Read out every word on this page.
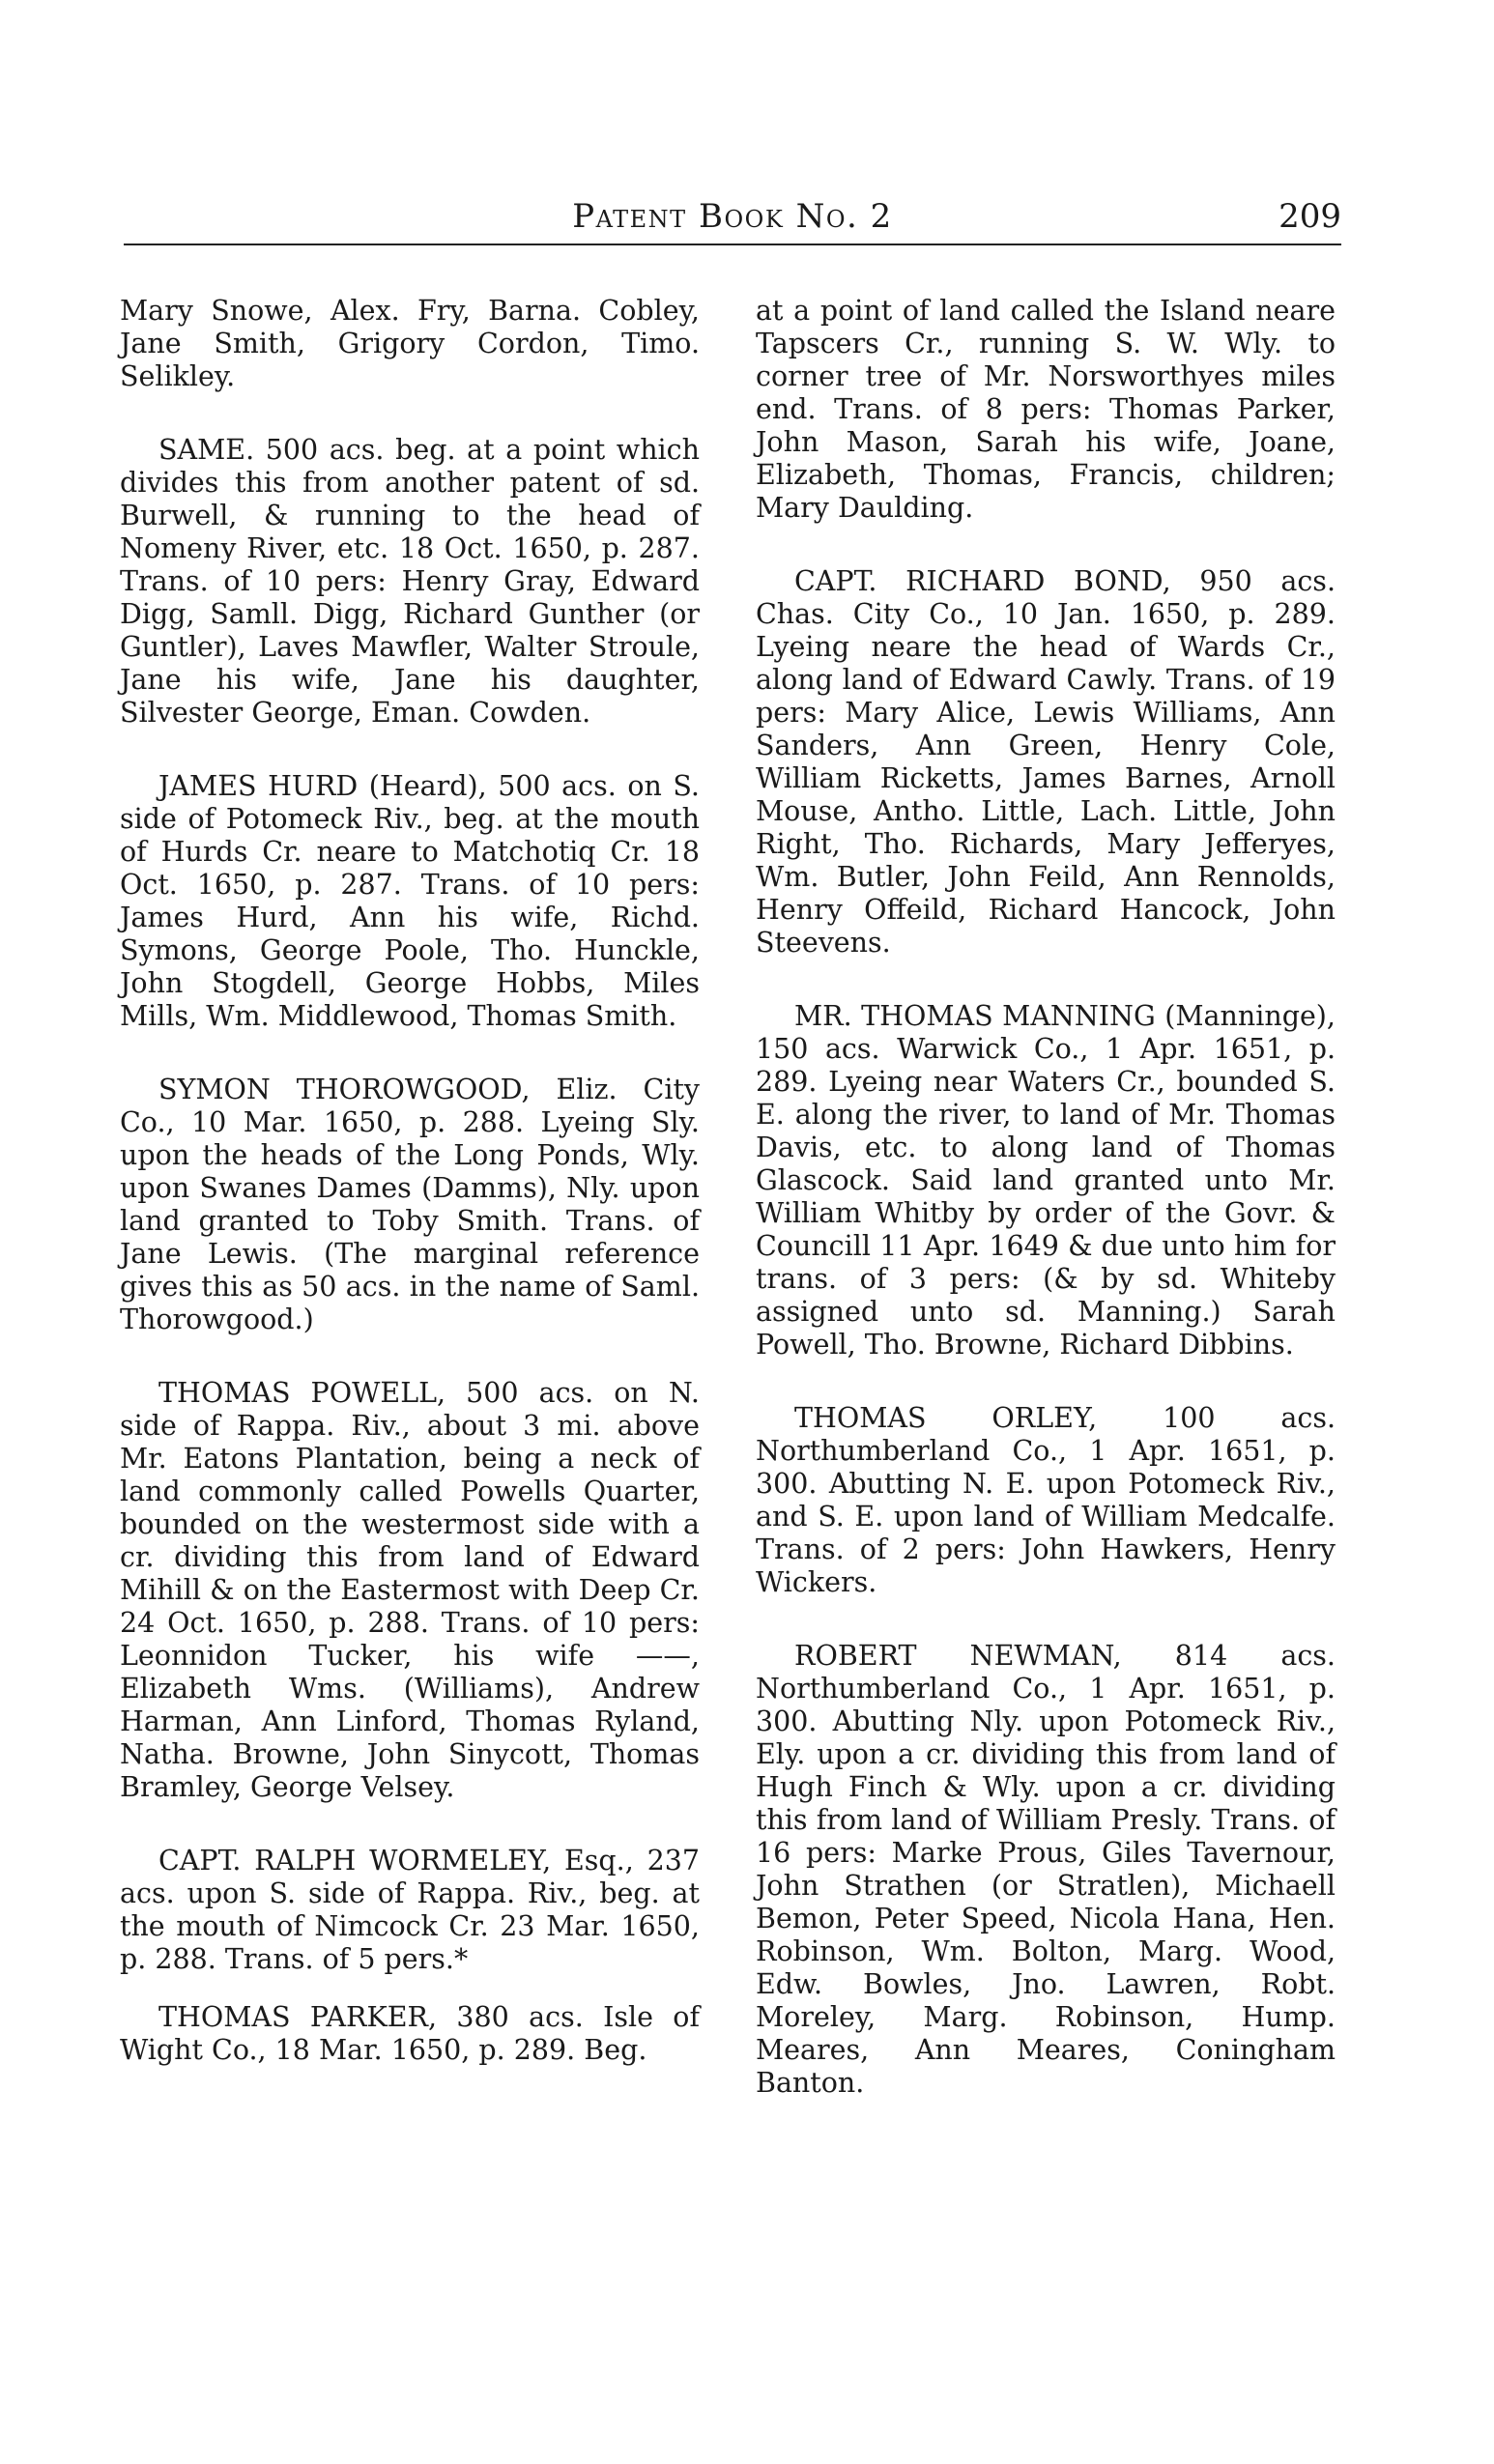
Patent Book No. 2	209

Mary Snowe, Alex. Fry, Barna. Cobley, Jane Smith, Grigory Cordon, Timo. Selikley.

SAME. 500 acs. beg. at a point which divides this from another patent of sd. Burwell, & running to the head of Nomeny River, etc. 18 Oct. 1650, p. 287. Trans. of 10 pers: Henry Gray, Edward Digg, Samll. Digg, Richard Gunther (or Guntler), Laves Mawfler, Walter Stroule, Jane his wife, Jane his daughter, Silvester George, Eman. Cowden.

JAMES HURD (Heard), 500 acs. on S. side of Potomeck Riv., beg. at the mouth of Hurds Cr. neare to Matchotiq Cr. 18 Oct. 1650, p. 287. Trans. of 10 pers: James Hurd, Ann his wife, Richd. Symons, George Poole, Tho. Hunckle, John Stogdell, George Hobbs, Miles Mills, Wm. Middlewood, Thomas Smith.

SYMON THOROWGOOD, Eliz. City Co., 10 Mar. 1650, p. 288. Lyeing Sly. upon the heads of the Long Ponds, Wly. upon Swanes Dames (Damms), Nly. upon land granted to Toby Smith. Trans. of Jane Lewis. (The marginal reference gives this as 50 acs. in the name of Saml. Thorowgood.)

THOMAS POWELL, 500 acs. on N. side of Rappa. Riv., about 3 mi. above Mr. Eatons Plantation, being a neck of land commonly called Powells Quarter, bounded on the westermost side with a cr. dividing this from land of Edward Mihill & on the Eastermost with Deep Cr. 24 Oct. 1650, p. 288. Trans. of 10 pers: Leonnidon Tucker, his wife ——, Elizabeth Wms. (Williams), Andrew Harman, Ann Linford, Thomas Ryland, Natha. Browne, John Sinycott, Thomas Bramley, George Velsey.

CAPT. RALPH WORMELEY, Esq., 237 acs. upon S. side of Rappa. Riv., beg. at the mouth of Nimcock Cr. 23 Mar. 1650, p. 288. Trans. of 5 pers.*

THOMAS PARKER, 380 acs. Isle of Wight Co., 18 Mar. 1650, p. 289. Beg.

at a point of land called the Island neare Tapscers Cr., running S. W. Wly. to corner tree of Mr. Norsworthyes miles end. Trans. of 8 pers: Thomas Parker, John Mason, Sarah his wife, Joane, Elizabeth, Thomas, Francis, children; Mary Daulding.

CAPT. RICHARD BOND, 950 acs. Chas. City Co., 10 Jan. 1650, p. 289. Lyeing neare the head of Wards Cr., along land of Edward Cawly. Trans. of 19 pers: Mary Alice, Lewis Williams, Ann Sanders, Ann Green, Henry Cole, William Ricketts, James Barnes, Arnoll Mouse, Antho. Little, Lach. Little, John Right, Tho. Richards, Mary Jefferyes, Wm. Butler, John Feild, Ann Rennolds, Henry Offeild, Richard Hancock, John Steevens.

MR. THOMAS MANNING (Manninge), 150 acs. Warwick Co., 1 Apr. 1651, p. 289. Lyeing near Waters Cr., bounded S. E. along the river, to land of Mr. Thomas Davis, etc. to along land of Thomas Glascock. Said land granted unto Mr. William Whitby by order of the Govr. & Councill 11 Apr. 1649 & due unto him for trans. of 3 pers: (& by sd. Whiteby assigned unto sd. Manning.) Sarah Powell, Tho. Browne, Richard Dibbins.

THOMAS ORLEY, 100 acs. Northumberland Co., 1 Apr. 1651, p. 300. Abutting N. E. upon Potomeck Riv., and S. E. upon land of William Medcalfe. Trans. of 2 pers: John Hawkers, Henry Wickers.

ROBERT NEWMAN, 814 acs. Northumberland Co., 1 Apr. 1651, p. 300. Abutting Nly. upon Potomeck Riv., Ely. upon a cr. dividing this from land of Hugh Finch & Wly. upon a cr. dividing this from land of William Presly. Trans. of 16 pers: Marke Prous, Giles Tavernour, John Strathen (or Stratlen), Michaell Bemon, Peter Speed, Nicola Hana, Hen. Robinson, Wm. Bolton, Marg. Wood, Edw. Bowles, Jno. Lawren, Robt. Moreley, Marg. Robinson, Hump. Meares, Ann Meares, Coningham Banton.
